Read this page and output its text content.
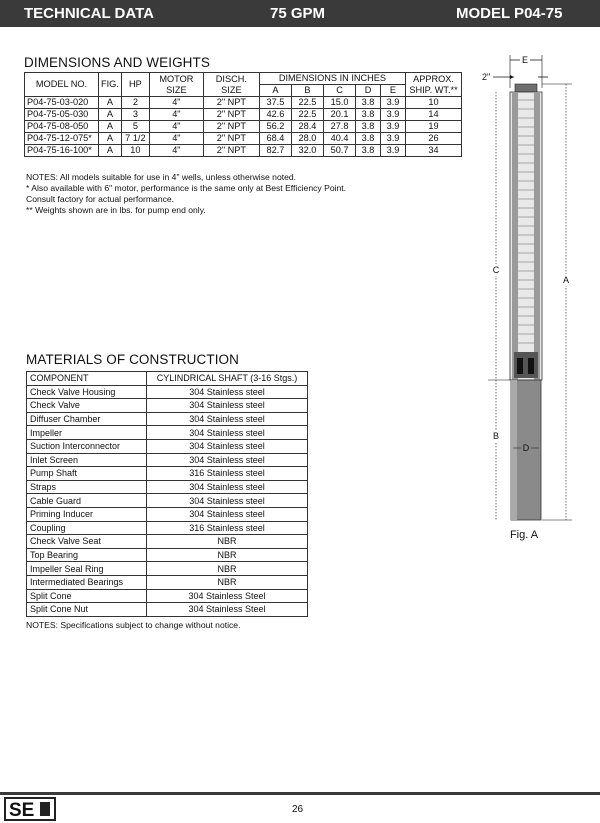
TECHNICAL DATA	75 GPM	MODEL P04-75
DIMENSIONS AND WEIGHTS
MODEL NO.	FIG.	HP	MOTOR SIZE	DISCH. SIZE	DIMENSIONS IN INCHES					APPROX. SHIP. WT.**
					A	B	C	D	E	
P04-75-03-020	A	2	4"	2" NPT	37.5	22.5	15.0	3.8	3.9	10
P04-75-05-030	A	3	4"	2" NPT	42.6	22.5	20.1	3.8	3.9	14
P04-75-08-050	A	5	4"	2" NPT	56.2	28.4	27.8	3.8	3.9	19
P04-75-12-075*	A	7 1/2	4"	2" NPT	68.4	28.0	40.4	3.8	3.9	26
P04-75-16-100*	A	10	4"	2" NPT	82.7	32.0	50.7	3.8	3.9	34
NOTES: All models suitable for use in 4" wells, unless otherwise noted.
* Also available with 6" motor, performance is the same only at Best Efficiency Point.
Consult factory for actual performance.
** Weights shown are in lbs. for pump end only.
MATERIALS OF CONSTRUCTION
COMPONENT	CYLINDRICAL SHAFT (3-16 Stgs.)
Check Valve Housing	304 Stainless steel
Check Valve	304 Stainless steel
Diffuser Chamber	304 Stainless steel
Impeller	304 Stainless steel
Suction Interconnector	304 Stainless steel
Inlet Screen	304 Stainless steel
Pump Shaft	316 Stainless steel
Straps	304 Stainless steel
Cable Guard	304 Stainless steel
Priming Inducer	304 Stainless steel
Coupling	316 Stainless steel
Check Valve Seat	NBR
Top Bearing	NBR
Impeller Seal Ring	NBR
Intermediated Bearings	NBR
Split Cone	304 Stainless Steel
Split Cone Nut	304 Stainless Steel
NOTES: Specifications subject to change without notice.
E
2"
C
B
A
D
Fig. A
SE	26
